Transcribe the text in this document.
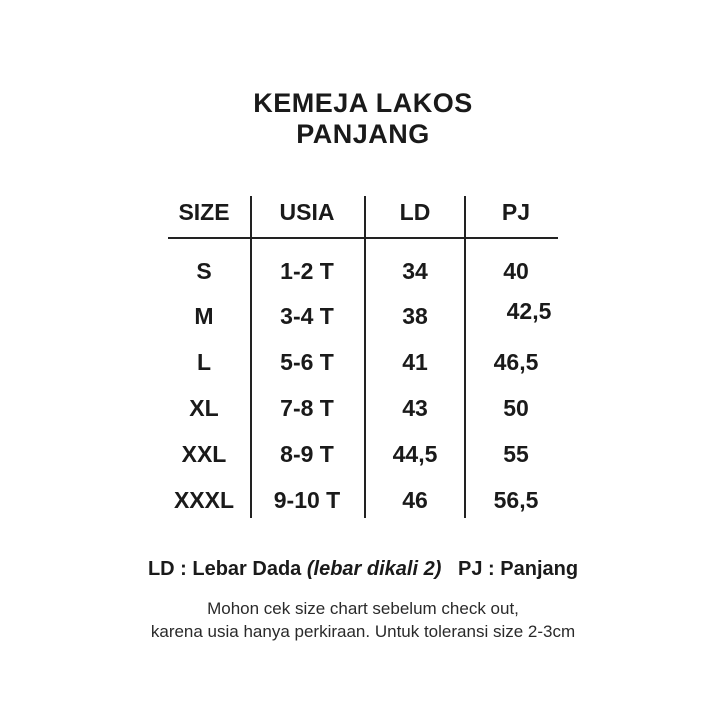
KEMEJA LAKOS
PANJANG
SIZE	USIA	LD	PJ
S	1-2 T	34	40
M	3-4 T	38	42,5
L	5-6 T	41	46,5
XL	7-8 T	43	50
XXL	8-9 T	44,5	55
XXXL	9-10 T	46	56,5
LD : Lebar Dada (lebar dikali 2) PJ : Panjang
Mohon cek size chart sebelum check out,
karena usia hanya perkiraan. Untuk toleransi size 2-3cm
